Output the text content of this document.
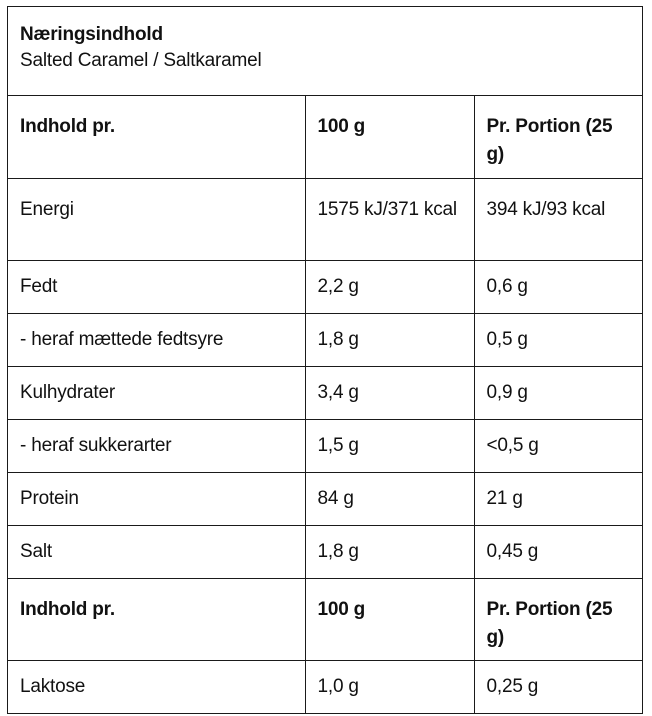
Næringsindhold
Salted Caramel / Saltkaramel
Indhold pr.	100 g	Pr. Portion (25 g)
Energi	1575 kJ/371 kcal	394 kJ/93 kcal
Fedt	2,2 g	0,6 g
- heraf mættede fedtsyre	1,8 g	0,5 g
Kulhydrater	3,4 g	0,9 g
- heraf sukkerarter	1,5 g	<0,5 g
Protein	84 g	21 g
Salt	1,8 g	0,45 g
Indhold pr.	100 g	Pr. Portion (25 g)
Laktose	1,0 g	0,25 g
